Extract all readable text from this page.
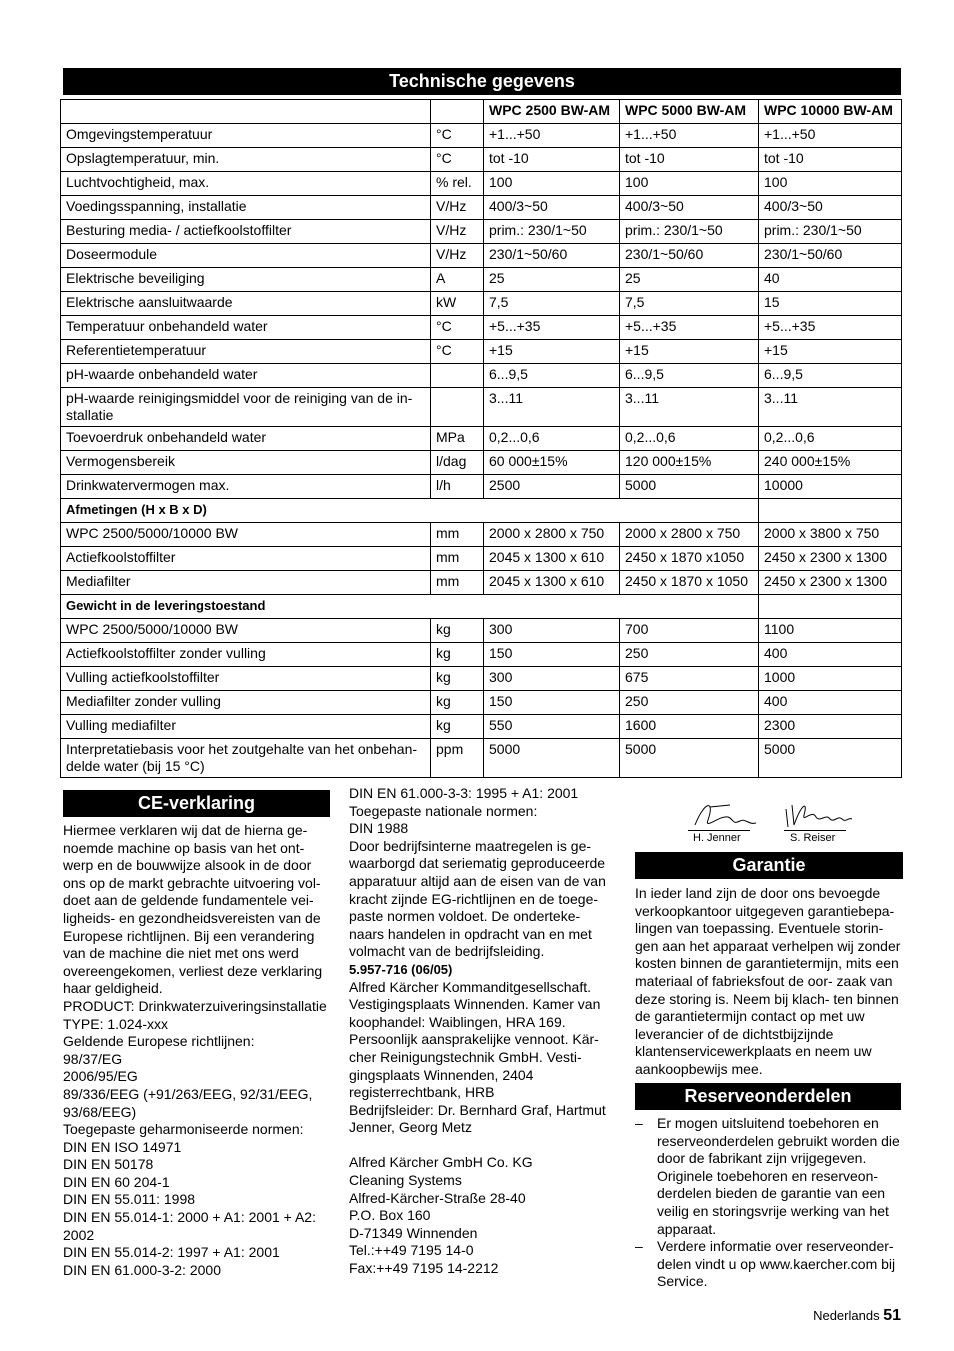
Technische gegevens
		WPC 2500 BW-AM	WPC 5000 BW-AM	WPC 10000 BW-AM
Omgevingstemperatuur	°C	+1...+50	+1...+50	+1...+50
Opslagtemperatuur, min.	°C	tot -10	tot -10	tot -10
Luchtvochtigheid, max.	% rel.	100	100	100
Voedingsspanning, installatie	V/Hz	400/3~50	400/3~50	400/3~50
Besturing media- / actiefkoolstoffilter	V/Hz	prim.: 230/1~50	prim.: 230/1~50	prim.: 230/1~50
Doseermodule	V/Hz	230/1~50/60	230/1~50/60	230/1~50/60
Elektrische beveiliging	A	25	25	40
Elektrische aansluitwaarde	kW	7,5	7,5	15
Temperatuur onbehandeld water	°C	+5...+35	+5...+35	+5...+35
Referentietemperatuur	°C	+15	+15	+15
pH-waarde onbehandeld water		6...9,5	6...9,5	6...9,5
pH-waarde reinigingsmiddel voor de reiniging van de in- stallatie		3...11	3...11	3...11
Toevoerdruk onbehandeld water	MPa	0,2...0,6	0,2...0,6	0,2...0,6
Vermogensbereik	l/dag	60 000±15%	120 000±15%	240 000±15%
Drinkwatervermogen max.	l/h	2500	5000	10000
Afmetingen (H x B x D)				
WPC 2500/5000/10000 BW	mm	2000 x 2800 x 750	2000 x 2800 x 750	2000 x 3800 x 750
Actiefkoolstoffilter	mm	2045 x 1300 x 610	2450 x 1870 x1050	2450 x 2300 x 1300
Mediafilter	mm	2045 x 1300 x 610	2450 x 1870 x 1050	2450 x 2300 x 1300
Gewicht in de leveringstoestand				
WPC 2500/5000/10000 BW	kg	300	700	1100
Actiefkoolstoffilter zonder vulling	kg	150	250	400
Vulling actiefkoolstoffilter	kg	300	675	1000
Mediafilter zonder vulling	kg	150	250	400
Vulling mediafilter	kg	550	1600	2300
Interpretatiebasis voor het zoutgehalte van het onbehan- delde water (bij 15 °C)	ppm	5000	5000	5000
CE-verklaring

Hiermee verklaren wij dat de hierna ge- noemde machine op basis van het ont- werp en de bouwwijze alsook in de door ons op de markt gebrachte uitvoering vol- doet aan de geldende fundamentele vei- ligheids- en gezondheidsvereisten van de Europese richtlijnen. Bij een verandering van de machine die niet met ons werd overeengekomen, verliest deze verklaring haar geldigheid.

PRODUCT: Drinkwaterzuiveringsinstallatie

TYPE: 1.024-xxx

Geldende Europese richtlijnen:

98/37/EG

2006/95/EG

89/336/EEG (+91/263/EEG, 92/31/EEG, 93/68/EEG)

Toegepaste geharmoniseerde normen:

DIN EN ISO 14971

DIN EN 50178

DIN EN 60 204-1

DIN EN 55.011: 1998

DIN EN 55.014-1: 2000 + A1: 2001 + A2: 2002

DIN EN 55.014-2: 1997 + A1: 2001

DIN EN 61.000-3-2: 2000

DIN EN 61.000-3-3: 1995 + A1: 2001

Toegepaste nationale normen:

DIN 1988

Door bedrijfsinterne maatregelen is ge- waarborgd dat seriematig geproduceerde apparatuur altijd aan de eisen van de van kracht zijnde EG-richtlijnen en de toege- paste normen voldoet. De onderteke- naars handelen in opdracht van en met volmacht van de bedrijfsleiding.

5.957-716 (06/05)

Alfred Kärcher Kommanditgesellschaft. Vestigingsplaats Winnenden. Kamer van koophandel: Waiblingen, HRA 169. Persoonlijk aansprakelijke vennoot. Kär- cher Reinigungstechnik GmbH. Vesti- gingsplaats Winnenden, 2404 registerrechtbank, HRB

Bedrijfsleider: Dr. Bernhard Graf, Hartmut Jenner, Georg Metz

Alfred Kärcher GmbH Co. KG

Cleaning Systems

Alfred-Kärcher-Straße 28-40

P.O. Box 160

D-71349 Winnenden

Tel.:++49 7195 14-0

Fax:++49 7195 14-2212

H. Jenner	S. Reiser
Garantie
In ieder land zijn de door ons bevoegde verkoopkantoor uitgegeven garantiebepa- lingen van toepassing. Eventuele storin- gen aan het apparaat verhelpen wij zonder kosten binnen de garantietermijn, mits een materiaal of fabrieksfout de oor- zaak van deze storing is. Neem bij klach- ten binnen de garantietermijn contact op met uw leverancier of de dichtstbijzijnde klantenservicewerkplaats en neem uw aankoopbewijs mee.
Reserveonderdelen

– Er mogen uitsluitend toebehoren en reserveonderdelen gebruikt worden die door de fabrikant zijn vrijgegeven. Originele toebehoren en reserveon- derdelen bieden de garantie van een veilig en storingsvrije werking van het apparaat.

– Verdere informatie over reserveonder- delen vindt u op www.kaercher.com bij Service.

Nederlands 51
